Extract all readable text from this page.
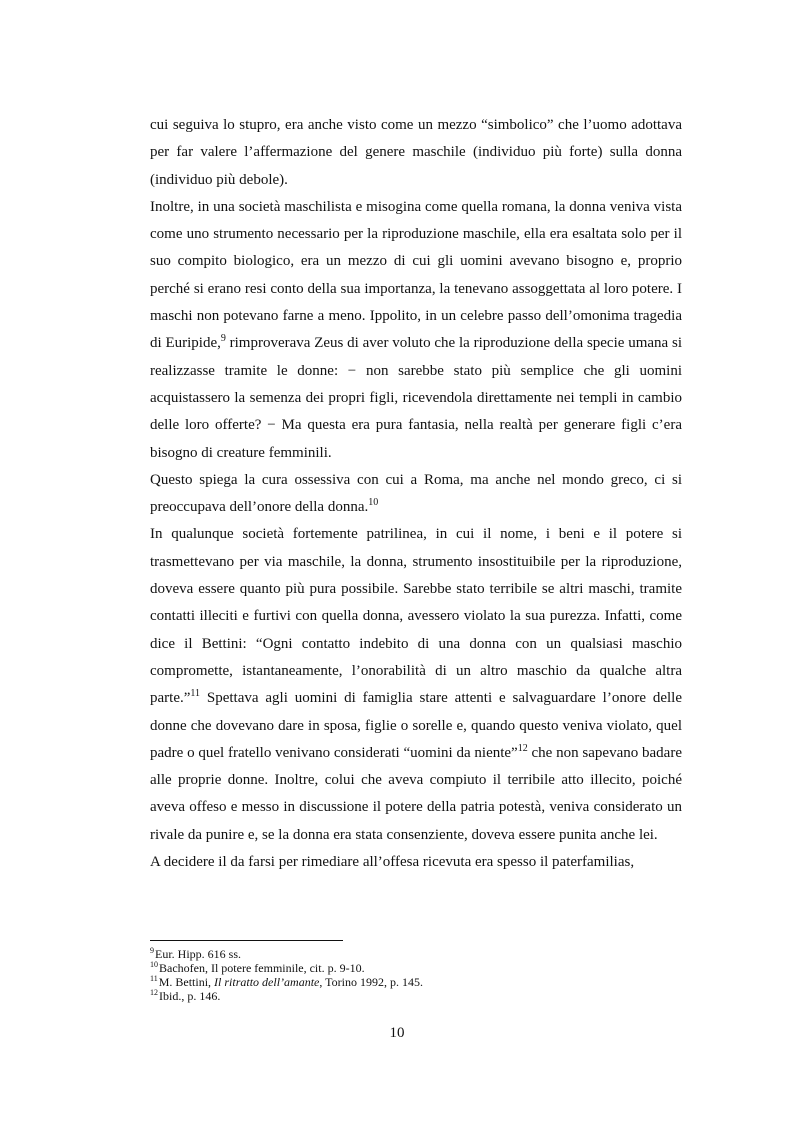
cui seguiva lo stupro, era anche visto come un mezzo “simbolico” che l’uomo adottava per far valere l’affermazione del genere maschile (individuo più forte) sulla donna (individuo più debole).

Inoltre, in una società maschilista e misogina come quella romana, la donna veniva vista come uno strumento necessario per la riproduzione maschile, ella era esaltata solo per il suo compito biologico, era un mezzo di cui gli uomini avevano bisogno e, proprio perché si erano resi conto della sua importanza, la tenevano assoggettata al loro potere. I maschi non potevano farne a meno. Ippolito, in un celebre passo dell’omonima tragedia di Euripide,$^9$ rimproverava Zeus di aver voluto che la riproduzione della specie umana si realizzasse tramite le donne: − non sarebbe stato più semplice che gli uomini acquistassero la semenza dei propri figli, ricevendola direttamente nei templi in cambio delle loro offerte? − Ma questa era pura fantasia, nella realtà per generare figli c’era bisogno di creature femminili.

Questo spiega la cura ossessiva con cui a Roma, ma anche nel mondo greco, ci si preoccupava dell’onore della donna.$^{10}$

In qualunque società fortemente patrilinea, in cui il nome, i beni e il potere si trasmettevano per via maschile, la donna, strumento insostituibile per la riproduzione, doveva essere quanto più pura possibile. Sarebbe stato terribile se altri maschi, tramite contatti illeciti e furtivi con quella donna, avessero violato la sua purezza. Infatti, come dice il Bettini: “Ogni contatto indebito di una donna con un qualsiasi maschio compromette, istantaneamente, l’onorabilità di un altro maschio da qualche altra parte.”$^{11}$ Spettava agli uomini di famiglia stare attenti e salvaguardare l’onore delle donne che dovevano dare in sposa, figlie o sorelle e, quando questo veniva violato, quel padre o quel fratello venivano considerati “uomini da niente”$^{12}$ che non sapevano badare alle proprie donne. Inoltre, colui che aveva compiuto il terribile atto illecito, poiché aveva offeso e messo in discussione il potere della patria potestà, veniva considerato un rivale da punire e, se la donna era stata consenziente, doveva essere punita anche lei.

A decidere il da farsi per rimediare all’offesa ricevuta era spesso il paterfamilias,

$^9$Eur. Hipp. 616 ss.
$^{10}$Bachofen, Il potere femminile, cit. p. 9-10.
$^{11}$M. Bettini, Il ritratto dell’amante, Torino 1992, p. 145.
$^{12}$Ibid., p. 146.
10
